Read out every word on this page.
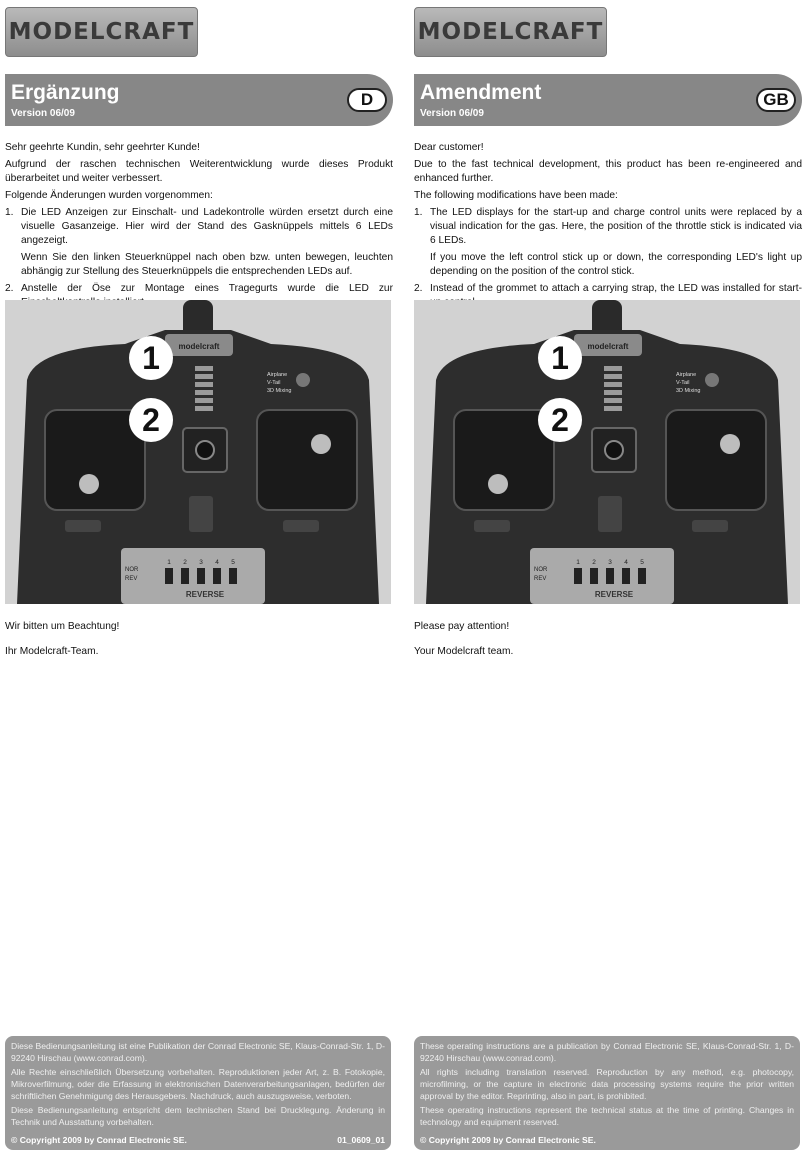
MODELCRAFT
Ergänzung
Version 06/09
D

Sehr geehrte Kundin, sehr geehrter Kunde!

Aufgrund der raschen technischen Weiterentwicklung wurde dieses Produkt überarbeitet und weiter verbessert.

Folgende Änderungen wurden vorgenommen:

1. Die LED Anzeigen zur Einschalt- und Ladekontrolle würden ersetzt durch eine visuelle Gasanzeige. Hier wird der Stand des Gasknüppels mittels 6 LEDs angezeigt.
Wenn Sie den linken Steuerknüppel nach oben bzw. unten bewegen, leuchten abhängig zur Stellung des Steuerknüppels die entsprechenden LEDs auf.
2. Anstelle der Öse zur Montage eines Tragegurts wurde die LED zur
modelcraft
Airplane
V-Tail
3D Mixing
NOR
REV
1 2 3 4 5
REVERSE
1
2

Wir bitten um Beachtung!

Ihr Modelcraft-Team.

Diese Bedienungsanleitung ist eine Publikation der Conrad Electronic SE, Klaus-Conrad-Str. 1, D-92240 Hirschau (www.conrad.com).

Alle Rechte einschließlich Übersetzung vorbehalten. Reproduktionen jeder Art, z. B. Fotokopie, Mikroverfilmung, oder die Erfassung in elektronischen Datenverarbeitungsanlagen, bedürfen der schriftlichen Genehmigung des Herausgebers. Nachdruck, auch auszugsweise, verboten.

Diese Bedienungsanleitung entspricht dem technischen Stand bei Drucklegung. Änderung in Technik und Ausstattung vorbehalten.

© Copyright 2009 by Conrad Electronic SE.	01_0609_01
MODELCRAFT
Amendment
Version 06/09
GB

Dear customer!

Due to the fast technical development, this product has been re-engineered and enhanced further.

The following modifications have been made:

1. The LED displays for the start-up and charge control units were replaced by a visual indication for the gas. Here, the position of the throttle stick is indicated via 6 LEDs.
If you move the left control stick up or down, the corresponding LED's light up depending on the position of the control stick.
2. Instead of the grommet to attach a carrying strap, the LED was installed for start-
modelcraft
Airplane
V-Tail
3D Mixing
NOR
REV
1 2 3 4 5
REVERSE
1
2

Please pay attention!

Your Modelcraft team.

These operating instructions are a publication by Conrad Electronic SE, Klaus-Conrad-Str. 1, D-92240 Hirschau (www.conrad.com).

All rights including translation reserved. Reproduction by any method, e.g. photocopy, microfilming, or the capture in electronic data processing systems require the prior written approval by the editor. Reprinting, also in part, is prohibited.

These operating instructions represent the technical status at the time of printing. Changes in technology and equipment reserved.

© Copyright 2009 by Conrad Electronic SE.
